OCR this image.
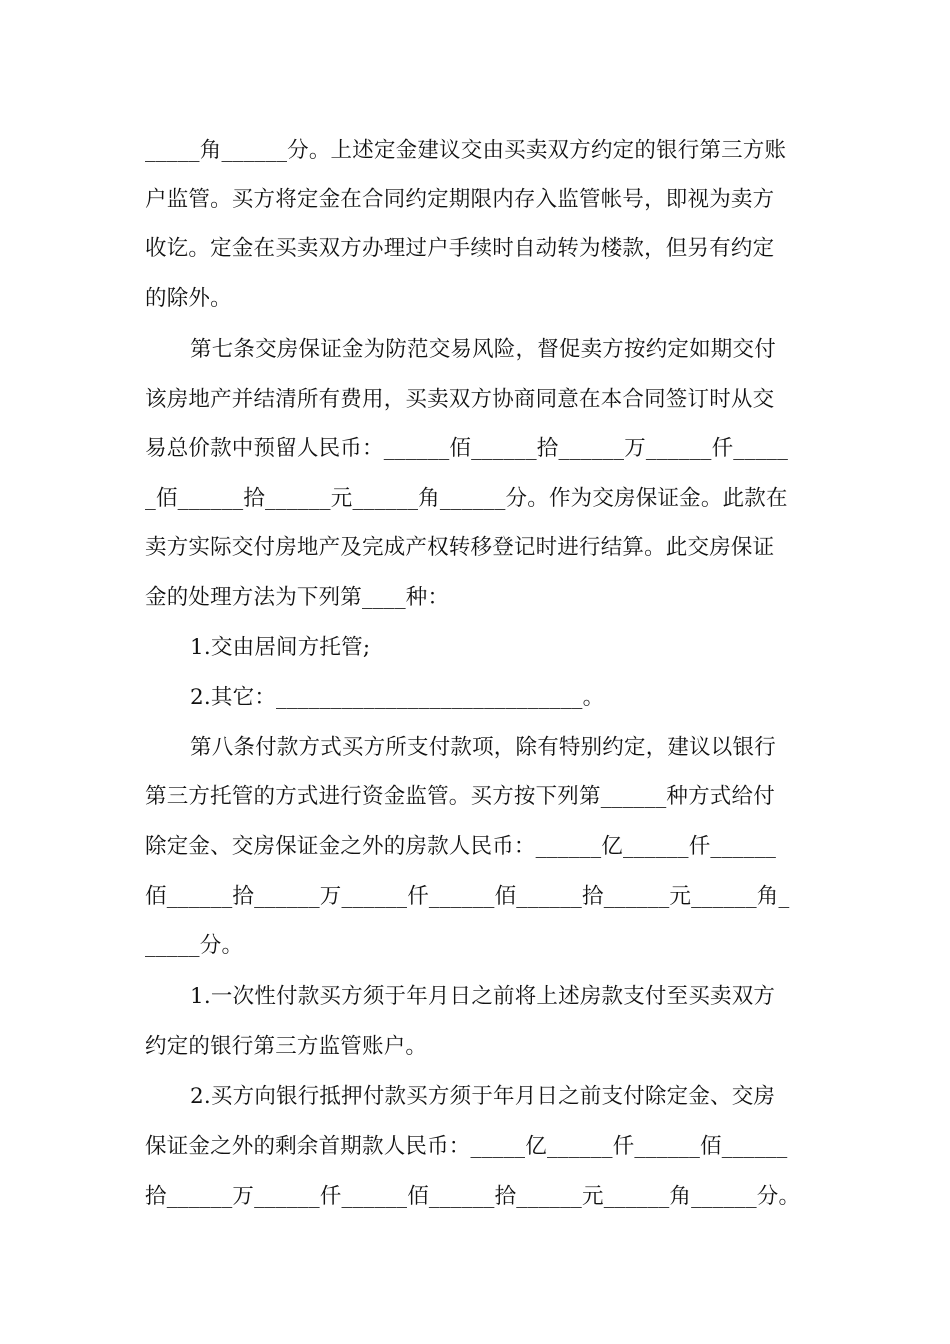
_____角______分。上述定金建议交由买卖双方约定的银行第三方账
户监管。买方将定金在合同约定期限内存入监管帐号，即视为卖方
收讫。定金在买卖双方办理过户手续时自动转为楼款，但另有约定
的除外。
第七条交房保证金为防范交易风险，督促卖方按约定如期交付
该房地产并结清所有费用，买卖双方协商同意在本合同签订时从交
易总价款中预留人民币：______佰______拾______万______仟_____
_佰______拾______元______角______分。作为交房保证金。此款在
卖方实际交付房地产及完成产权转移登记时进行结算。此交房保证
金的处理方法为下列第____种：
1.交由居间方托管;
2.其它：____________________________。
第八条付款方式买方所支付款项，除有特别约定，建议以银行
第三方托管的方式进行资金监管。买方按下列第______种方式给付
除定金、交房保证金之外的房款人民币：______亿______仟______
佰______拾______万______仟______佰______拾______元______角_
_____分。
1.一次性付款买方须于年月日之前将上述房款支付至买卖双方
约定的银行第三方监管账户。
2.买方向银行抵押付款买方须于年月日之前支付除定金、交房
保证金之外的剩余首期款人民币：_____亿______仟______佰______
拾______万______仟______佰______拾______元______角______分。
